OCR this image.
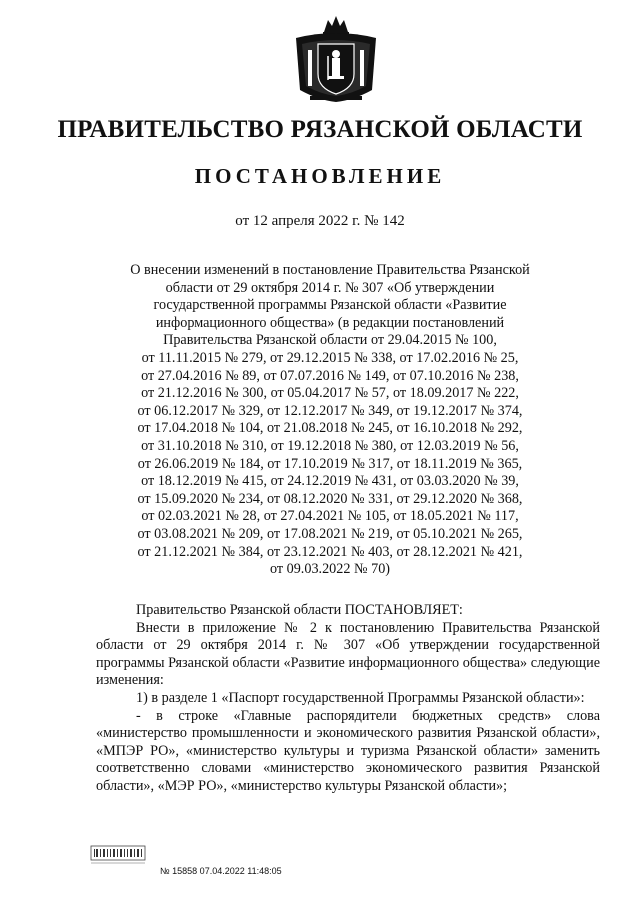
ПРАВИТЕЛЬСТВО РЯЗАНСКОЙ ОБЛАСТИ
ПОСТАНОВЛЕНИЕ
от 12 апреля 2022 г. № 142
О внесении изменений в постановление Правительства Рязанской
области от 29 октября 2014 г. № 307 «Об утверждении
государственной программы Рязанской области «Развитие
информационного общества» (в редакции постановлений
Правительства Рязанской области от 29.04.2015 № 100,
от 11.11.2015 № 279, от 29.12.2015 № 338, от 17.02.2016 № 25,
от 27.04.2016 № 89, от 07.07.2016 № 149, от 07.10.2016 № 238,
от 21.12.2016 № 300, от 05.04.2017 № 57, от 18.09.2017 № 222,
от 06.12.2017 № 329, от 12.12.2017 № 349, от 19.12.2017 № 374,
от 17.04.2018 № 104, от 21.08.2018 № 245, от 16.10.2018 № 292,
от 31.10.2018 № 310, от 19.12.2018 № 380, от 12.03.2019 № 56,
от 26.06.2019 № 184, от 17.10.2019 № 317, от 18.11.2019 № 365,
от 18.12.2019 № 415, от 24.12.2019 № 431, от 03.03.2020 № 39,
от 15.09.2020 № 234, от 08.12.2020 № 331, от 29.12.2020 № 368,
от 02.03.2021 № 28, от 27.04.2021 № 105, от 18.05.2021 № 117,
от 03.08.2021 № 209, от 17.08.2021 № 219, от 05.10.2021 № 265,
от 21.12.2021 № 384, от 23.12.2021 № 403, от 28.12.2021 № 421,
от 09.03.2022 № 70)
Правительство Рязанской области ПОСТАНОВЛЯЕТ:
Внести в приложение № 2 к постановлению Правительства Рязанской области от 29 октября 2014 г. № 307 «Об утверждении государственной программы Рязанской области «Развитие информационного общества» следующие изменения:
1) в разделе 1 «Паспорт государственной Программы Рязанской области»:
- в строке «Главные распорядители бюджетных средств» слова «министерство промышленности и экономического развития Рязанской области», «МПЭР РО», «министерство культуры и туризма Рязанской области» заменить соответственно словами «министерство экономического развития Рязанской области», «МЭР РО», «министерство культуры Рязанской области»;
№ 15858 07.04.2022 11:48:05
